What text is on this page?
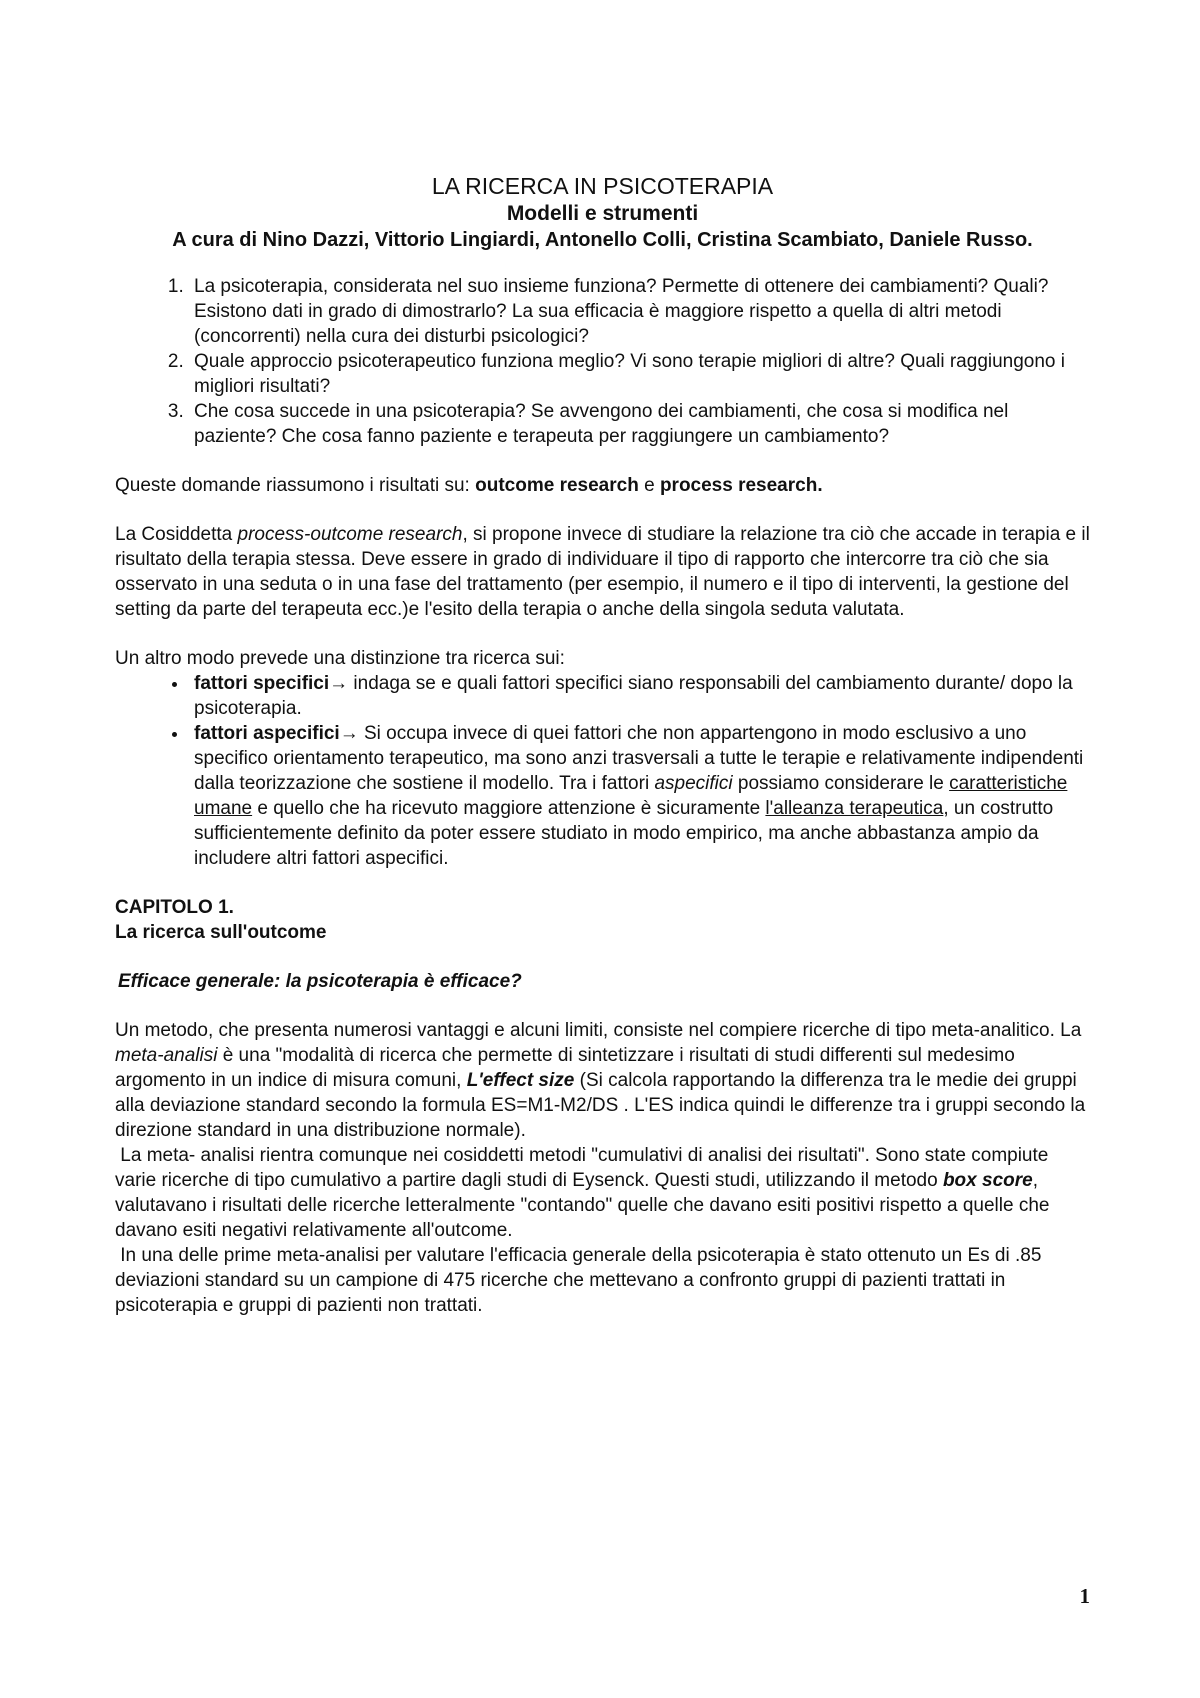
LA RICERCA IN PSICOTERAPIA

Modelli e strumenti

A cura di Nino Dazzi, Vittorio Lingiardi, Antonello Colli, Cristina Scambiato, Daniele Russo.

1. La psicoterapia, considerata nel suo insieme funziona? Permette di ottenere dei cambiamenti? Quali? Esistono dati in grado di dimostrarlo? La sua efficacia è maggiore rispetto a quella di altri metodi (concorrenti) nella cura dei disturbi psicologici?
2. Quale approccio psicoterapeutico funziona meglio? Vi sono terapie migliori di altre? Quali raggiungono i migliori risultati?
3. Che cosa succede in una psicoterapia? Se avvengono dei cambiamenti, che cosa si modifica nel paziente? Che cosa fanno paziente e terapeuta per raggiungere un cambiamento?

Queste domande riassumono i risultati su: outcome research e process research.

La Cosiddetta process-outcome research, si propone invece di studiare la relazione tra ciò che accade in terapia e il risultato della terapia stessa. Deve essere in grado di individuare il tipo di rapporto che intercorre tra ciò che sia osservato in una seduta o in una fase del trattamento (per esempio, il numero e il tipo di interventi, la gestione del setting da parte del terapeuta ecc.)e l'esito della terapia o anche della singola seduta valutata.

Un altro modo prevede una distinzione tra ricerca sui:

• fattori specifici→ indaga se e quali fattori specifici siano responsabili del cambiamento durante/ dopo la psicoterapia.
• fattori aspecifici→ Si occupa invece di quei fattori che non appartengono in modo esclusivo a uno specifico orientamento terapeutico, ma sono anzi trasversali a tutte le terapie e relativamente indipendenti dalla teorizzazione che sostiene il modello. Tra i fattori aspecifici possiamo considerare le caratteristiche umane e quello che ha ricevuto maggiore attenzione è sicuramente l'alleanza terapeutica, un costrutto sufficientemente definito da poter essere studiato in modo empirico, ma anche abbastanza ampio da includere altri fattori aspecifici.

CAPITOLO 1.

La ricerca sull'outcome

Efficace generale: la psicoterapia è efficace?

Un metodo, che presenta numerosi vantaggi e alcuni limiti, consiste nel compiere ricerche di tipo meta-analitico. La meta-analisi è una "modalità di ricerca che permette di sintetizzare i risultati di studi differenti sul medesimo argomento in un indice di misura comuni, L'effect size (Si calcola rapportando la differenza tra le medie dei gruppi alla deviazione standard secondo la formula ES=M1-M2/DS . L'ES indica quindi le differenze tra i gruppi secondo la direzione standard in una distribuzione normale).

La meta- analisi rientra comunque nei cosiddetti metodi "cumulativi di analisi dei risultati". Sono state compiute varie ricerche di tipo cumulativo a partire dagli studi di Eysenck. Questi studi, utilizzando il metodo box score, valutavano i risultati delle ricerche letteralmente "contando" quelle che davano esiti positivi rispetto a quelle che davano esiti negativi relativamente all'outcome.

In una delle prime meta-analisi per valutare l'efficacia generale della psicoterapia è stato ottenuto un Es di .85 deviazioni standard su un campione di 475 ricerche che mettevano a confronto gruppi di pazienti trattati in psicoterapia e gruppi di pazienti non trattati.

1
